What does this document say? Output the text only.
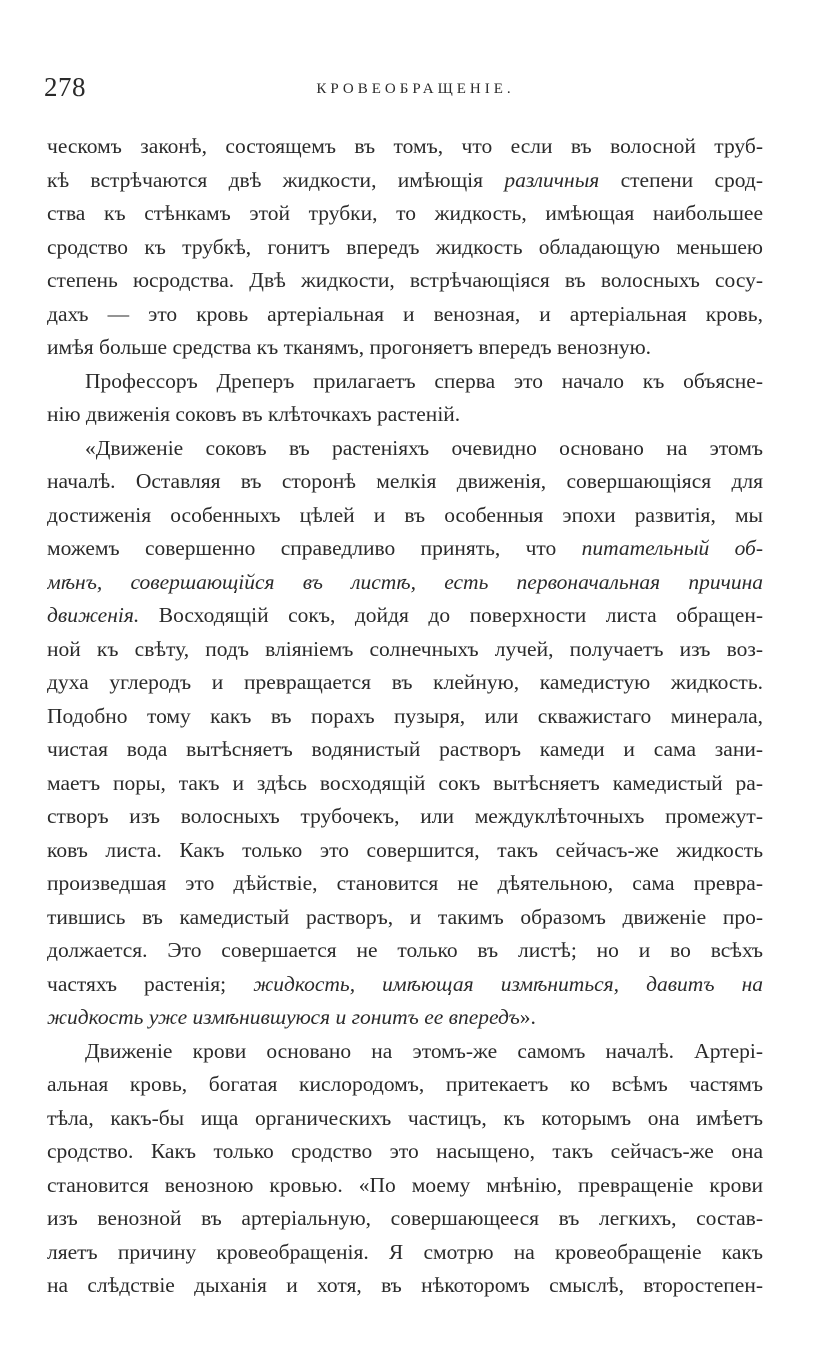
278	КРОВЕОБРАЩЕНІЕ.
ческомъ законѣ, состоящемъ въ томъ, что если въ волосной труб-
кѣ встрѣчаются двѣ жидкости, имѣющія различныя степени срод-
ства къ стѣнкамъ этой трубки, то жидкость, имѣющая наибольшее
сродство къ трубкѣ, гонитъ впередъ жидкость обладающую меньшею
степень юсродства. Двѣ жидкости, встрѣчающіяся въ волосныхъ сосу-
дахъ — это кровь артеріальная и венозная, и артеріальная кровь,
имѣя больше средства къ тканямъ, прогоняетъ впередъ венозную.
Профессоръ Дреперъ прилагаетъ сперва это начало къ объясне-
нію движенія соковъ въ клѣточкахъ растеній.
«Движеніе соковъ въ растеніяхъ очевидно основано на этомъ
началѣ. Оставляя въ сторонѣ мелкія движенія, совершающіяся для
достиженія особенныхъ цѣлей и въ особенныя эпохи развитія, мы
можемъ совершенно справедливо принять, что питательный об-
мѣнъ, совершающійся въ листѣ, есть первоначальная причина
движенія. Восходящій сокъ, дойдя до поверхности листа обращен-
ной къ свѣту, подъ вліяніемъ солнечныхъ лучей, получаетъ изъ воз-
духа углеродъ и превращается въ клейную, камедистую жидкость.
Подобно тому какъ въ порахъ пузыря, или скважистаго минерала,
чистая вода вытѣсняетъ водянистый растворъ камеди и сама зани-
маетъ поры, такъ и здѣсь восходящій сокъ вытѣсняетъ камедистый ра-
створъ изъ волосныхъ трубочекъ, или междуклѣточныхъ промежут-
ковъ листа. Какъ только это совершится, такъ сейчасъ-же жидкость
произведшая это дѣйствіе, становится не дѣятельною, сама превра-
тившись въ камедистый растворъ, и такимъ образомъ движеніе про-
должается. Это совершается не только въ листѣ; но и во всѣхъ
частяхъ растенія; жидкость, имѣющая измѣниться, давитъ на
жидкость уже измѣнившуюся и гонитъ ее впередъ».
Движеніе крови основано на этомъ-же самомъ началѣ. Артері-
альная кровь, богатая кислородомъ, притекаетъ ко всѣмъ частямъ
тѣла, какъ-бы ища органическихъ частицъ, къ которымъ она имѣетъ
сродство. Какъ только сродство это насыщено, такъ сейчасъ-же она
становится венозною кровью. «По моему мнѣнію, превращеніе крови
изъ венозной въ артеріальную, совершающееся въ легкихъ, состав-
ляетъ причину кровеобращенія. Я смотрю на кровеобращеніе какъ
на слѣдствіе дыханія и хотя, въ нѣкоторомъ смыслѣ, второстепен-
